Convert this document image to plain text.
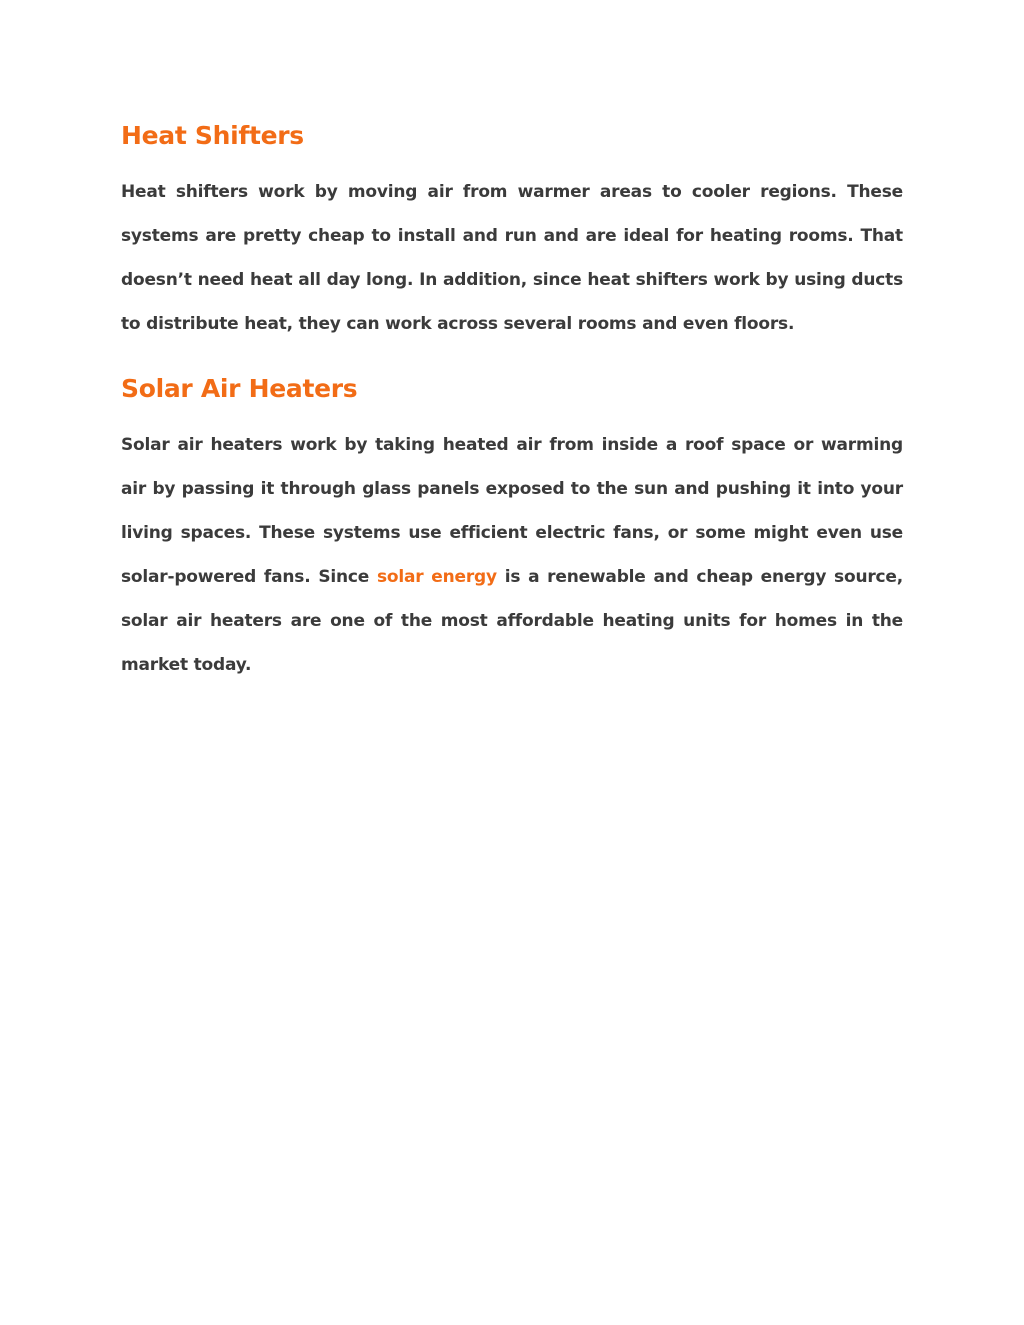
Heat Shifters

Heat shifters work by moving air from warmer areas to cooler regions. These systems are pretty cheap to install and run and are ideal for heating rooms. That doesn’t need heat all day long. In addition, since heat shifters work by using ducts to distribute heat, they can work across several rooms and even floors.

Solar Air Heaters

Solar air heaters work by taking heated air from inside a roof space or warming air by passing it through glass panels exposed to the sun and pushing it into your living spaces. These systems use efficient electric fans, or some might even use solar-powered fans. Since solar energy is a renewable and cheap energy source, solar air heaters are one of the most affordable heating units for homes in the market today.
